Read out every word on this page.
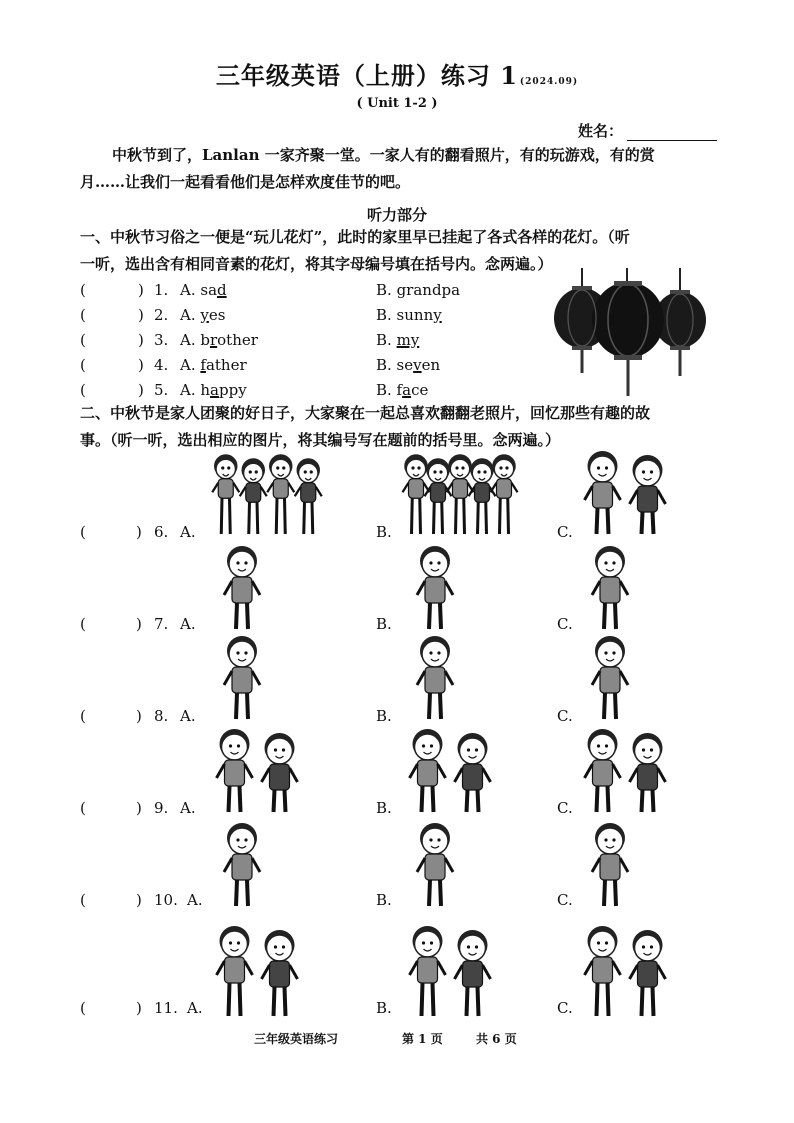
三年级英语（上册）练习 1 (2024.09)
( Unit 1-2 )
姓名：

中秋节到了，Lanlan 一家齐聚一堂。一家人有的翻看照片，有的玩游戏，有的赏

月……让我们一起看看他们是怎样欢度佳节的吧。

听力部分

一、中秋节习俗之一便是“玩儿花灯”，此时的家里早已挂起了各式各样的花灯。（听

一听，选出含有相同音素的花灯，将其字母编号填在括号内。念两遍。）

(	) 1. A. sad	B. grandpa
(	) 2. A. yes	B. sunny
(	) 3. A. brother	B. my
(	) 4. A. father	B. seven
(	) 5. A. happy	B. face

二、中秋节是家人团聚的好日子，大家聚在一起总喜欢翻翻老照片，回忆那些有趣的故

事。（听一听，选出相应的图片，将其编号写在题前的括号里。念两遍。）

(	) 6. A.	B.	C.
(	) 7. A.	B.	C.
(	) 8. A.	B.	C.
(	) 9. A.	B.	C.
(	) 10. A.	B.	C.
(	) 11. A.	B.	C.
三年级英语练习	第 1 页	共 6 页
